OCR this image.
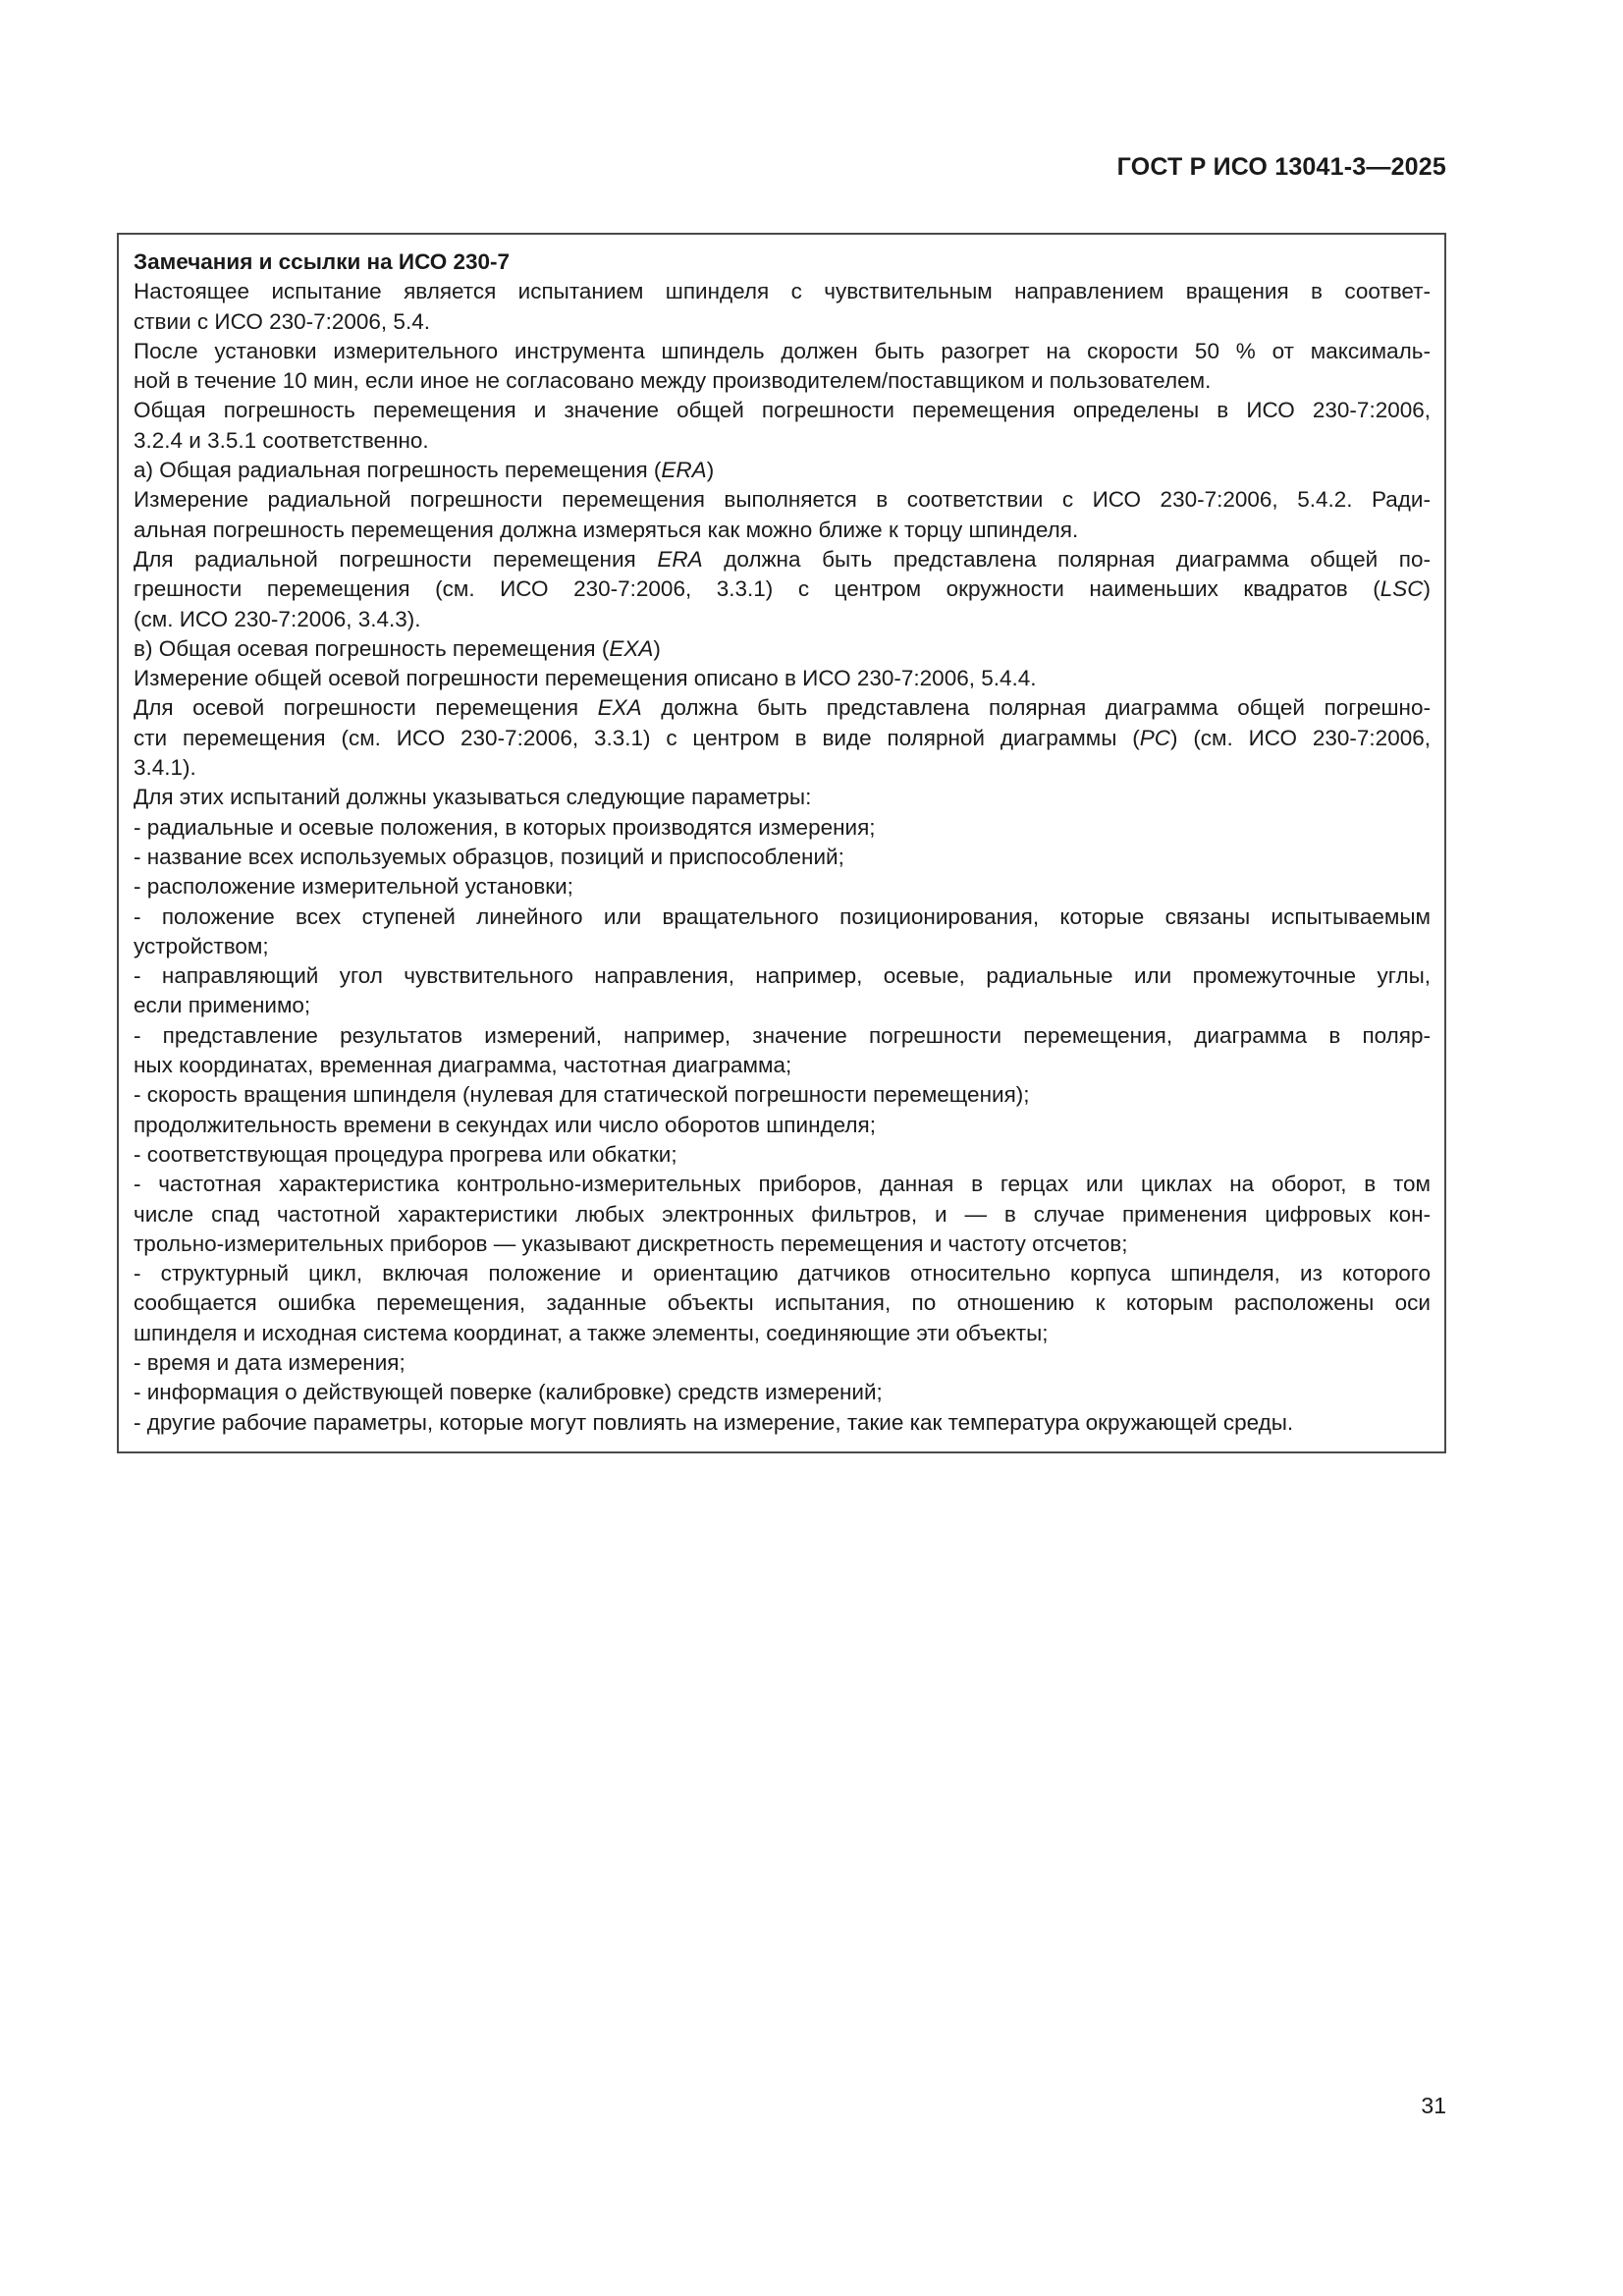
ГОСТ Р ИСО 13041-3—2025
Замечания и ссылки на ИСО 230-7
Настоящее испытание является испытанием шпинделя с чувствительным направлением вращения в соответ-
ствии с ИСО 230-7:2006, 5.4.
После установки измерительного инструмента шпиндель должен быть разогрет на скорости 50 % от максималь-
ной в течение 10 мин, если иное не согласовано между производителем/поставщиком и пользователем.
Общая погрешность перемещения и значение общей погрешности перемещения определены в ИСО 230-7:2006,
3.2.4 и 3.5.1 соответственно.
а) Общая радиальная погрешность перемещения (ERA)
Измерение радиальной погрешности перемещения выполняется в соответствии с ИСО 230-7:2006, 5.4.2. Ради-
альная погрешность перемещения должна измеряться как можно ближе к торцу шпинделя.
Для радиальной погрешности перемещения ERA должна быть представлена полярная диаграмма общей по-
грешности перемещения (см. ИСО 230-7:2006, 3.3.1) с центром окружности наименьших квадратов (LSC)
(см. ИСО 230-7:2006, 3.4.3).
в) Общая осевая погрешность перемещения (EXA)
Измерение общей осевой погрешности перемещения описано в ИСО 230-7:2006, 5.4.4.
Для осевой погрешности перемещения EXA должна быть представлена полярная диаграмма общей погрешно-
сти перемещения (см. ИСО 230-7:2006, 3.3.1) с центром в виде полярной диаграммы (PC) (см. ИСО 230-7:2006,
3.4.1).
Для этих испытаний должны указываться следующие параметры:
- радиальные и осевые положения, в которых производятся измерения;
- название всех используемых образцов, позиций и приспособлений;
- расположение измерительной установки;
- положение всех ступеней линейного или вращательного позиционирования, которые связаны испытываемым
устройством;
- направляющий угол чувствительного направления, например, осевые, радиальные или промежуточные углы,
если применимо;
- представление результатов измерений, например, значение погрешности перемещения, диаграмма в поляр-
ных координатах, временная диаграмма, частотная диаграмма;
- скорость вращения шпинделя (нулевая для статической погрешности перемещения);
продолжительность времени в секундах или число оборотов шпинделя;
- соответствующая процедура прогрева или обкатки;
- частотная характеристика контрольно-измерительных приборов, данная в герцах или циклах на оборот, в том
числе спад частотной характеристики любых электронных фильтров, и — в случае применения цифровых кон-
трольно-измерительных приборов — указывают дискретность перемещения и частоту отсчетов;
- структурный цикл, включая положение и ориентацию датчиков относительно корпуса шпинделя, из которого
сообщается ошибка перемещения, заданные объекты испытания, по отношению к которым расположены оси
шпинделя и исходная система координат, а также элементы, соединяющие эти объекты;
- время и дата измерения;
- информация о действующей поверке (калибровке) средств измерений;
- другие рабочие параметры, которые могут повлиять на измерение, такие как температура окружающей среды.
31
